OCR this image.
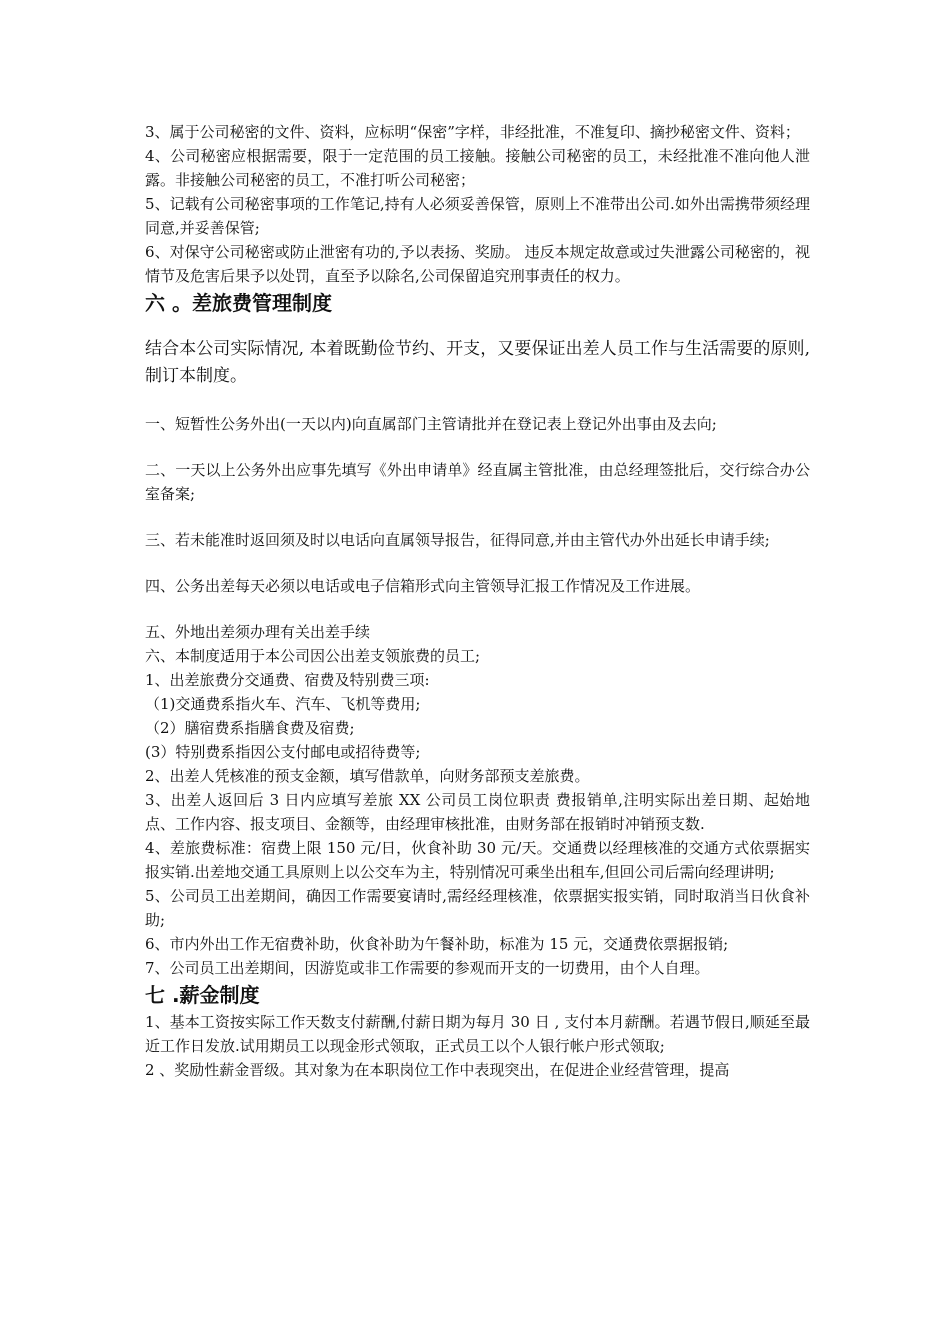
3、属于公司秘密的文件、资料，应标明“保密”字样，非经批准，不准复印、摘抄秘密文件、资料；

4、公司秘密应根据需要，限于一定范围的员工接触。接触公司秘密的员工，未经批准不准向他人泄露。非接触公司秘密的员工，不准打听公司秘密；

5、记载有公司秘密事项的工作笔记,持有人必须妥善保管，原则上不准带出公司.如外出需携带须经理同意,并妥善保管;

6、对保守公司秘密或防止泄密有功的,予以表扬、奖励。 违反本规定故意或过失泄露公司秘密的，视情节及危害后果予以处罚，直至予以除名,公司保留追究刑事责任的权力。

六 。差旅费管理制度

结合本公司实际情况, 本着既勤俭节约、开支，又要保证出差人员工作与生活需要的原则, 制订本制度。

一、短暂性公务外出(一天以内)向直属部门主管请批并在登记表上登记外出事由及去向;

二、一天以上公务外出应事先填写《外出申请单》经直属主管批准，由总经理签批后，交行综合办公室备案;

三、若未能准时返回须及时以电话向直属领导报告，征得同意,并由主管代办外出延长申请手续;

四、公务出差每天必须以电话或电子信箱形式向主管领导汇报工作情况及工作进展。

五、外地出差须办理有关出差手续

六、本制度适用于本公司因公出差支领旅费的员工;

1、出差旅费分交通费、宿费及特别费三项:

（1)交通费系指火车、汽车、飞机等费用;

（2）膳宿费系指膳食费及宿费;

(3）特别费系指因公支付邮电或招待费等;

2、出差人凭核准的预支金额，填写借款单，向财务部预支差旅费。

3、出差人返回后 3 日内应填写差旅 XX 公司员工岗位职责 费报销单,注明实际出差日期、起始地点、工作内容、报支项目、金额等，由经理审核批准，由财务部在报销时冲销预支数.

4、差旅费标准：宿费上限 150 元/日，伙食补助 30 元/天。交通费以经理核准的交通方式依票据实报实销.出差地交通工具原则上以公交车为主，特别情况可乘坐出租车,但回公司后需向经理讲明;

5、公司员工出差期间，确因工作需要宴请时,需经经理核准，依票据实报实销，同时取消当日伙食补助;

6、市内外出工作无宿费补助，伙食补助为午餐补助，标准为 15 元，交通费依票据报销;

7、公司员工出差期间，因游览或非工作需要的参观而开支的一切费用，由个人自理。

七 .薪金制度

1、基本工资按实际工作天数支付薪酬,付薪日期为每月 30 日 , 支付本月薪酬。若遇节假日,顺延至最近工作日发放.试用期员工以现金形式领取，正式员工以个人银行帐户形式领取;

2 、奖励性薪金晋级。其对象为在本职岗位工作中表现突出，在促进企业经营管理，提高
